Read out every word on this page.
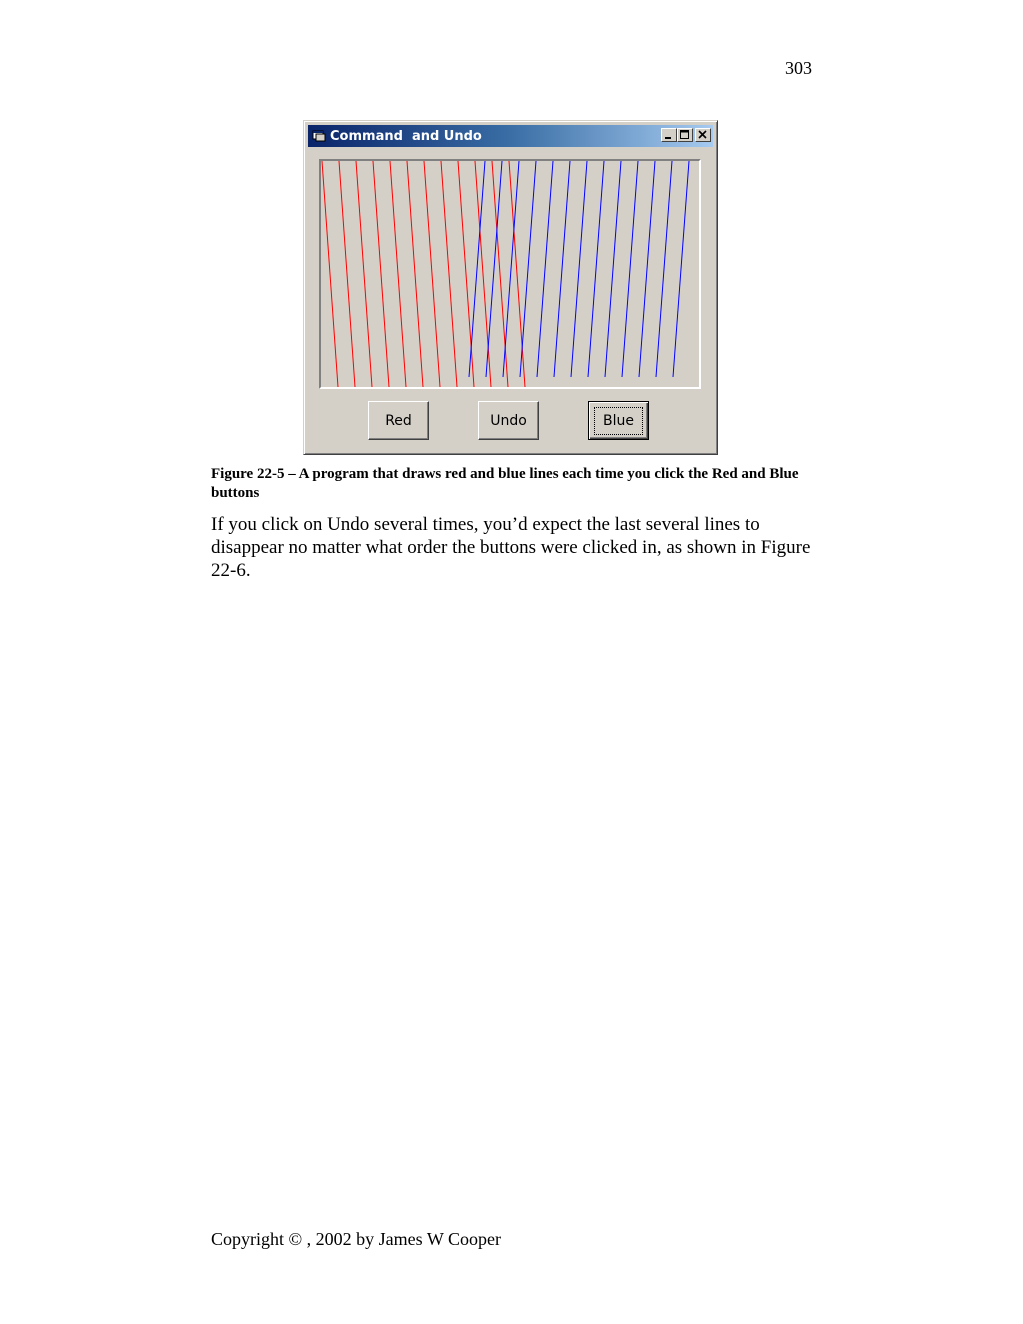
303
Command  and Undo
Red	Undo	Blue
Figure 22-5 – A program that draws red and blue lines each time you click the Red and Blue buttons
If you click on Undo several times, you’d expect the last several lines to disappear no matter what order the buttons were clicked in, as shown in Figure 22-6.
Copyright © , 2002 by James W Cooper
